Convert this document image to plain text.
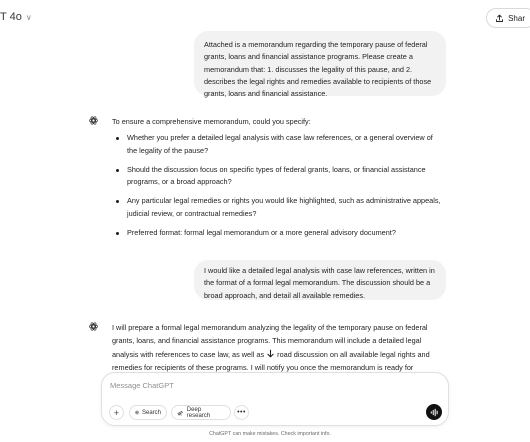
T 4o ∨	Shar
Attached is a memorandum regarding the temporary pause of federal grants, loans and financial assistance programs. Please create a memorandum that: 1. discusses the legality of this pause, and 2. describes the legal rights and remedies available to recipients of those grants, loans and financial assistance.
To ensure a comprehensive memorandum, could you specify:
Whether you prefer a detailed legal analysis with case law references, or a general overview of the legality of the pause?
Should the discussion focus on specific types of federal grants, loans, or financial assistance programs, or a broad approach?
Any particular legal remedies or rights you would like highlighted, such as administrative appeals, judicial review, or contractual remedies?
Preferred format: formal legal memorandum or a more general advisory document?
I would like a detailed legal analysis with case law references, written in the format of a formal legal memorandum. The discussion should be a broad approach, and detail all available remedies.
I will prepare a formal legal memorandum analyzing the legality of the temporary pause on federal grants, loans, and financial assistance programs. This memorandum will include a detailed legal analysis with references to case law, as well as  road discussion on all available legal rights and remedies for recipients of these programs. I will notify you once the memorandum is ready for
Message ChatGPT
+	Search	Deep research	•••
ChatGPT can make mistakes. Check important info.
